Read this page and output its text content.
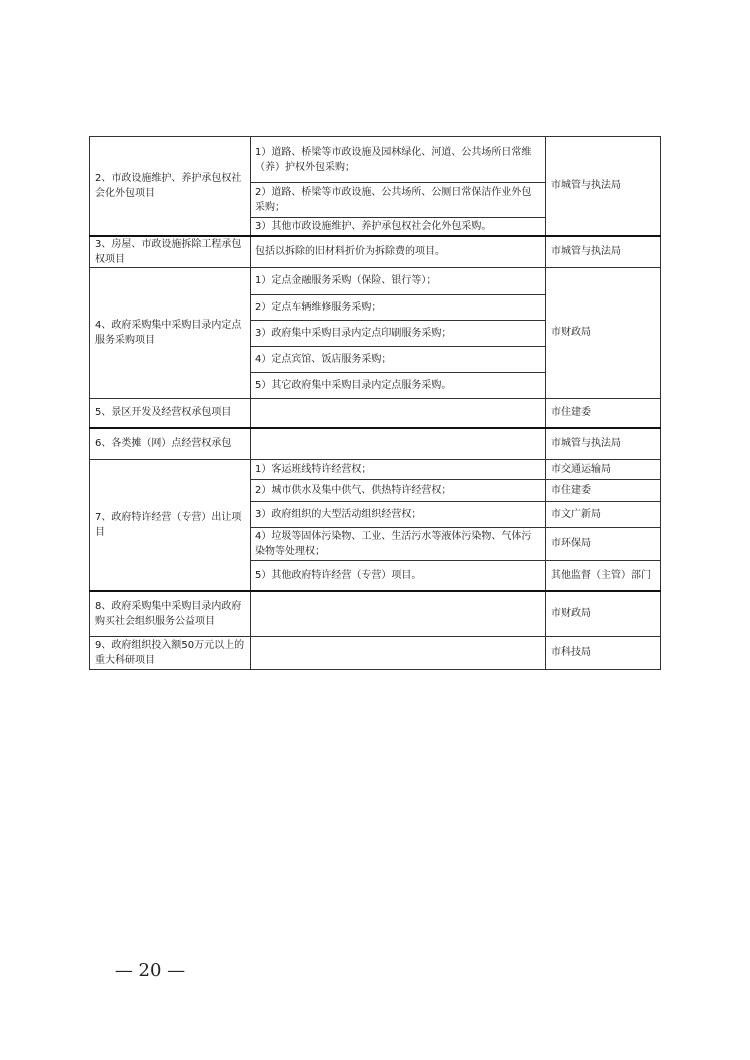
2、市政设施维护、养护承包权社会化外包项目	1）道路、桥梁等市政设施及园林绿化、河道、公共场所日常维（养）护权外包采购；	市城管与执法局
	2）道路、桥梁等市政设施、公共场所、公厕日常保洁作业外包采购；	
	3）其他市政设施维护、养护承包权社会化外包采购。	
3、房屋、市政设施拆除工程承包权项目	包括以拆除的旧材料折价为拆除费的项目。	市城管与执法局
4、政府采购集中采购目录内定点服务采购项目	1）定点金融服务采购（保险、银行等）；	市财政局
	2）定点车辆维修服务采购；	
	3）政府集中采购目录内定点印刷服务采购；	
	4）定点宾馆、饭店服务采购；	
	5）其它政府集中采购目录内定点服务采购。	
5、景区开发及经营权承包项目		市住建委
6、各类摊（网）点经营权承包		市城管与执法局
7、政府特许经营（专营）出让项目	1）客运班线特许经营权；	市交通运输局
	2）城市供水及集中供气、供热特许经营权；	市住建委
	3）政府组织的大型活动组织经营权；	市文广新局
	4）垃圾等固体污染物、工业、生活污水等液体污染物、气体污染物等处理权；	市环保局
	5）其他政府特许经营（专营）项目。	其他监督（主管）部门
8、政府采购集中采购目录内政府购买社会组织服务公益项目		市财政局
9、政府组织投入额50万元以上的重大科研项目		市科技局
— 20 —
